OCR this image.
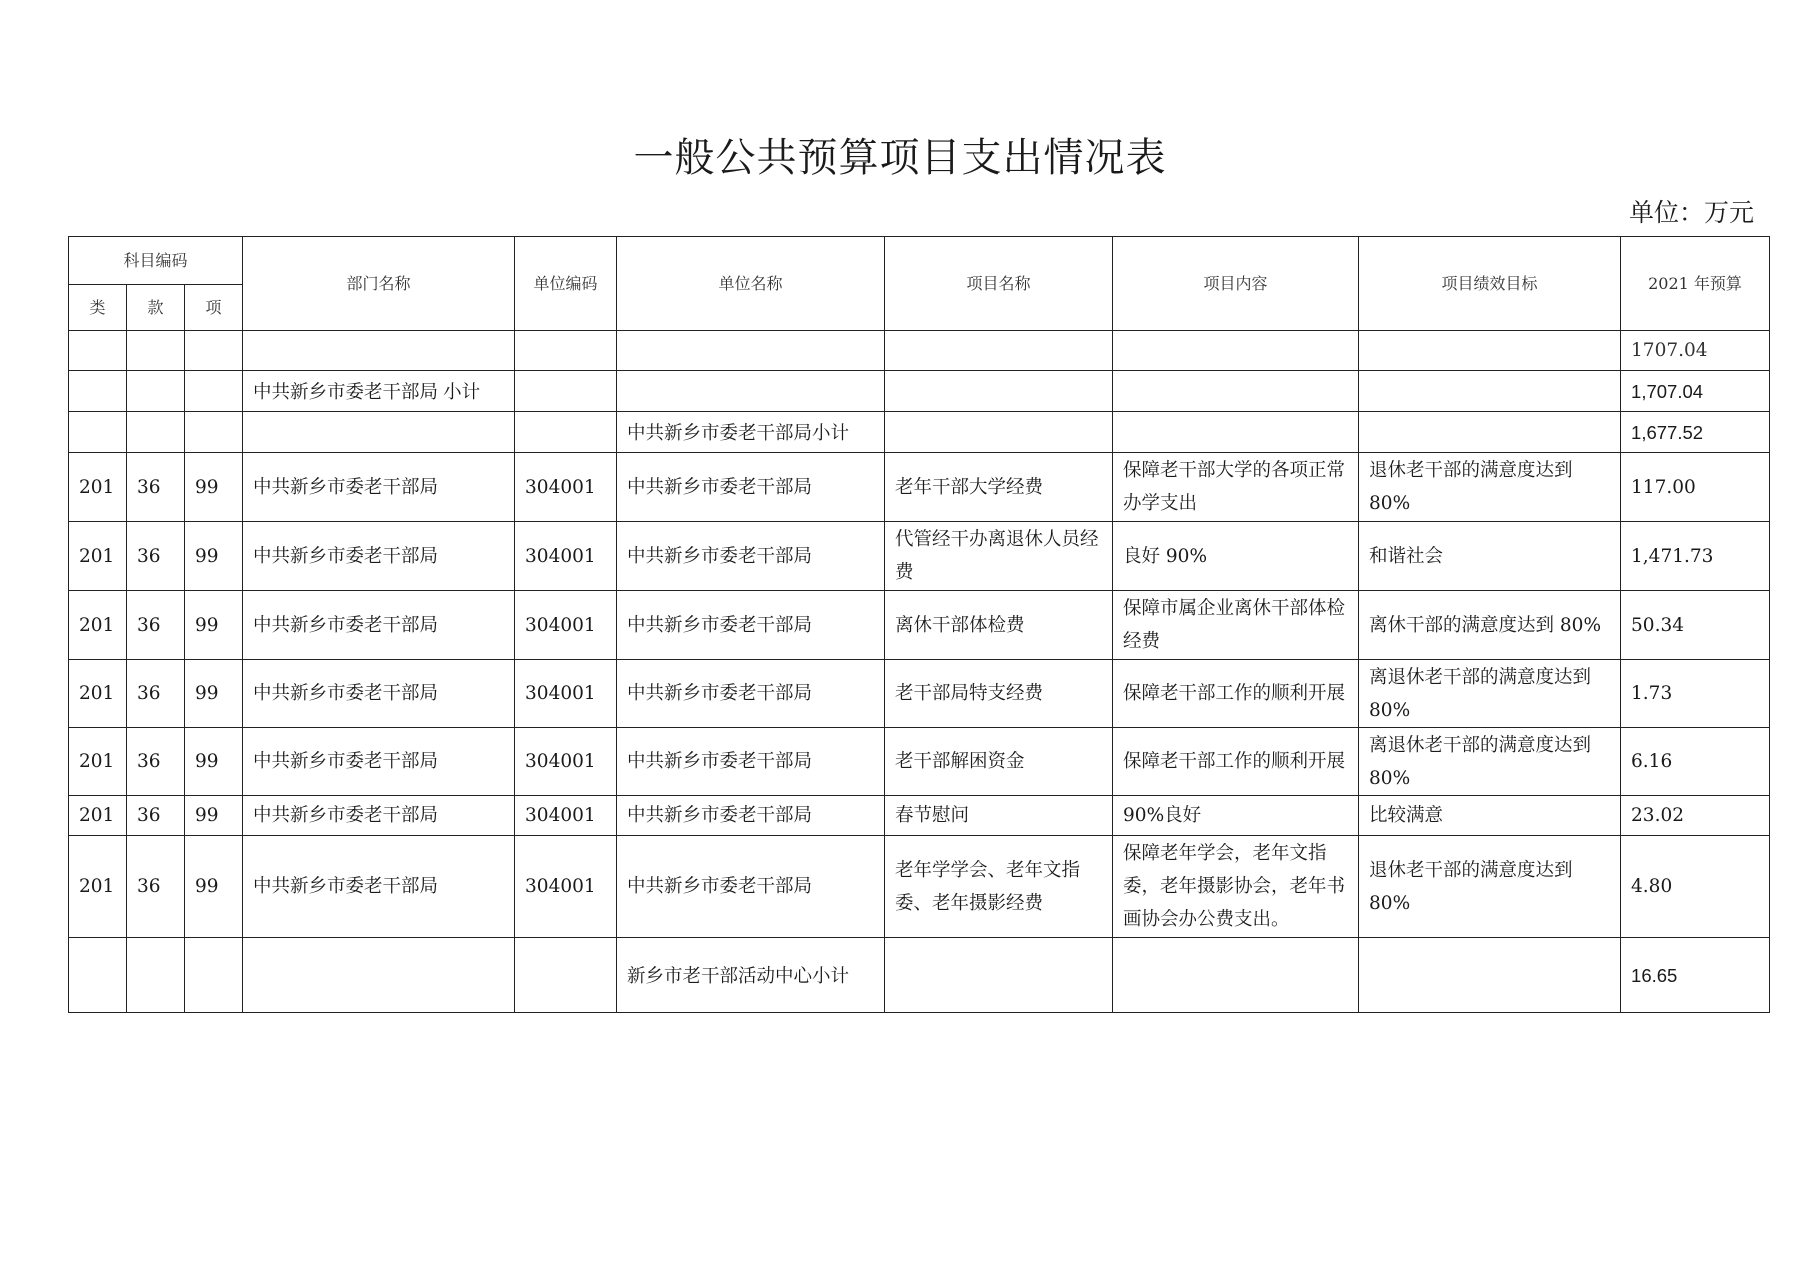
一般公共预算项目支出情况表
单位：万元
科目编码			部门名称	单位编码	单位名称	项目名称	项目内容	项目绩效目标	2021 年预算
类	款	项							
									1707.04
			中共新乡市委老干部局 小计						1,707.04
					中共新乡市委老干部局小计				1,677.52
201	36	99	中共新乡市委老干部局	304001	中共新乡市委老干部局	老年干部大学经费	保障老干部大学的各项正常办学支出	退休老干部的满意度达到80%	117.00
201	36	99	中共新乡市委老干部局	304001	中共新乡市委老干部局	代管经干办离退休人员经费	良好 90%	和谐社会	1,471.73
201	36	99	中共新乡市委老干部局	304001	中共新乡市委老干部局	离休干部体检费	保障市属企业离休干部体检经费	离休干部的满意度达到 80%	50.34
201	36	99	中共新乡市委老干部局	304001	中共新乡市委老干部局	老干部局特支经费	保障老干部工作的顺利开展	离退休老干部的满意度达到80%	1.73
201	36	99	中共新乡市委老干部局	304001	中共新乡市委老干部局	老干部解困资金	保障老干部工作的顺利开展	离退休老干部的满意度达到80%	6.16
201	36	99	中共新乡市委老干部局	304001	中共新乡市委老干部局	春节慰问	90%良好	比较满意	23.02
201	36	99	中共新乡市委老干部局	304001	中共新乡市委老干部局	老年学学会、老年文指委、老年摄影经费	保障老年学会，老年文指委，老年摄影协会，老年书画协会办公费支出。	退休老干部的满意度达到80%	4.80
					新乡市老干部活动中心小计				16.65
